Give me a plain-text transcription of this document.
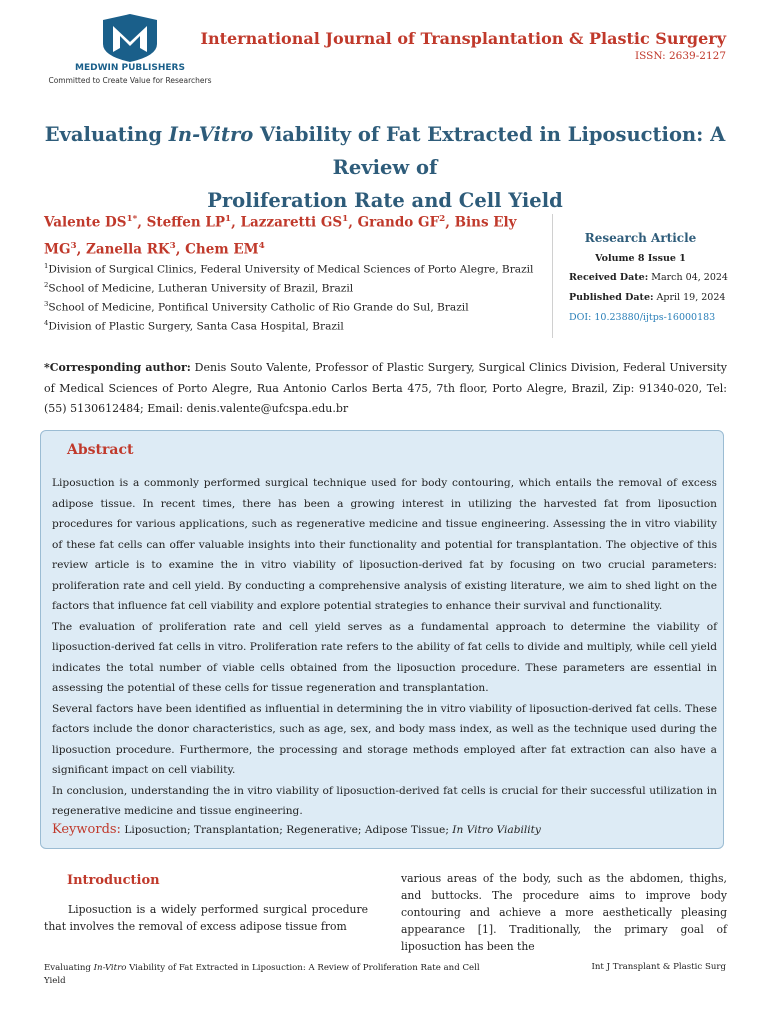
MEDWIN PUBLISHERS
Committed to Create Value for Researchers
International Journal of Transplantation & Plastic Surgery
ISSN: 2639-2127
Evaluating In-Vitro Viability of Fat Extracted in Liposuction: A Review of
Proliferation Rate and Cell Yield
Valente $DS^{1*}$, Steffen $LP^1$, Lazzaretti $GS^1$, Grando $GF^2$, Bins Ely $MG^3$, Zanella $RK^3$, Chem $EM^4$
$^1$Division of Surgical Clinics, Federal University of Medical Sciences of Porto Alegre, Brazil
$^2$School of Medicine, Lutheran University of Brazil, Brazil
$^3$School of Medicine, Pontifical University Catholic of Rio Grande do Sul, Brazil
$^4$Division of Plastic Surgery, Santa Casa Hospital, Brazil
Research Article
Volume 8 Issue 1
Received Date: March 04, 2024
Published Date: April 19, 2024
DOI: 10.23880/ijtps-16000183
*Corresponding author: Denis Souto Valente, Professor of Plastic Surgery, Surgical Clinics Division, Federal University of Medical Sciences of Porto Alegre, Rua Antonio Carlos Berta 475, 7th floor, Porto Alegre, Brazil, Zip: 91340-020, Tel: (55) 5130612484; Email: denis.valente@ufcspa.edu.br
Abstract

Liposuction is a commonly performed surgical technique used for body contouring, which entails the removal of excess adipose tissue. In recent times, there has been a growing interest in utilizing the harvested fat from liposuction procedures for various applications, such as regenerative medicine and tissue engineering. Assessing the in vitro viability of these fat cells can offer valuable insights into their functionality and potential for transplantation. The objective of this review article is to examine the in vitro viability of liposuction-derived fat by focusing on two crucial parameters: proliferation rate and cell yield. By conducting a comprehensive analysis of existing literature, we aim to shed light on the factors that influence fat cell viability and explore potential strategies to enhance their survival and functionality.

The evaluation of proliferation rate and cell yield serves as a fundamental approach to determine the viability of liposuction-derived fat cells in vitro. Proliferation rate refers to the ability of fat cells to divide and multiply, while cell yield indicates the total number of viable cells obtained from the liposuction procedure. These parameters are essential in assessing the potential of these cells for tissue regeneration and transplantation.

Several factors have been identified as influential in determining the in vitro viability of liposuction-derived fat cells. These factors include the donor characteristics, such as age, sex, and body mass index, as well as the technique used during the liposuction procedure. Furthermore, the processing and storage methods employed after fat extraction can also have a significant impact on cell viability.

In conclusion, understanding the in vitro viability of liposuction-derived fat cells is crucial for their successful utilization in regenerative medicine and tissue engineering.

Keywords: Liposuction; Transplantation; Regenerative; Adipose Tissue; In Vitro Viability
Introduction

Liposuction is a widely performed surgical procedure that involves the removal of excess adipose tissue from

various areas of the body, such as the abdomen, thighs, and buttocks. The procedure aims to improve body contouring and achieve a more aesthetically pleasing appearance [1]. Traditionally, the primary goal of liposuction has been the

Evaluating In-Vitro Viability of Fat Extracted in Liposuction: A Review of Proliferation Rate and Cell Yield
Int J Transplant & Plastic Surg
